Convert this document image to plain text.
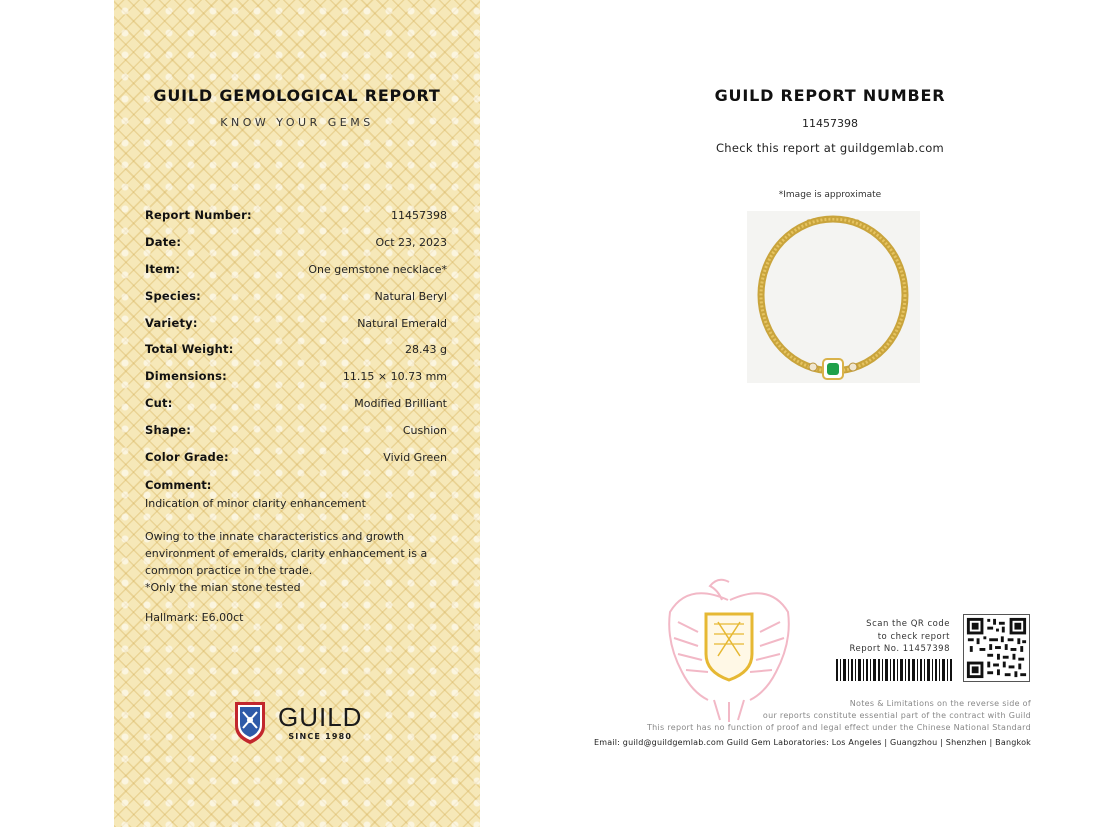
GUILD GEMOLOGICAL REPORT
KNOW YOUR GEMS
Report Number:	11457398
Date:	Oct 23, 2023
Item:	One gemstone necklace*
Species:	Natural Beryl
Variety:	Natural Emerald
Total Weight:	28.43 g
Dimensions:	11.15 × 10.73 mm
Cut:	Modified Brilliant
Shape:	Cushion
Color Grade:	Vivid Green
Comment:
Indication of minor clarity enhancement
Owing to the innate characteristics and growth environment of emeralds, clarity enhancement is a common practice in the trade.
*Only the mian stone tested
Hallmark: E6.00ct
GUILD
SINCE 1980
GUILD REPORT NUMBER
11457398
Check this report at guildgemlab.com
*Image is approximate
Scan the QR code
to check report
Report No. 11457398
Notes & Limitations on the reverse side of
our reports constitute essential part of the contract with Guild
This report has no function of proof and legal effect under the Chinese National Standard
Email: guild@guildgemlab.com Guild Gem Laboratories: Los Angeles | Guangzhou | Shenzhen | Bangkok
